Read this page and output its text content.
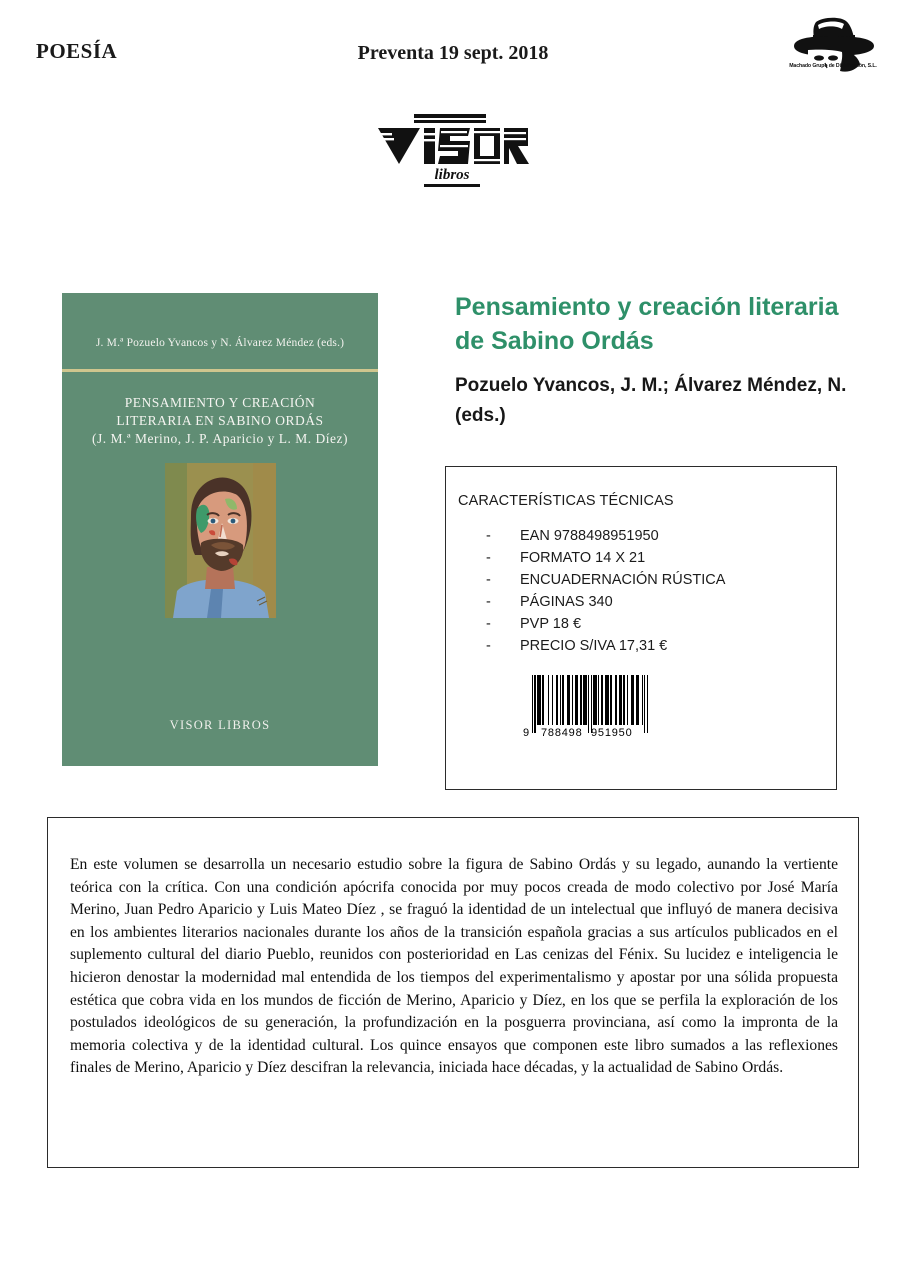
POESÍA	Preventa 19 sept. 2018
Machado Grupo de Distribución, S.L.
libros
J. M.ª Pozuelo Yvancos y N. Álvarez Méndez (eds.)
PENSAMIENTO Y CREACIÓN
LITERARIA EN SABINO ORDÁS
(J. M.ª Merino, J. P. Aparicio y L. M. Díez)
VISOR LIBROS
Pensamiento y creación literaria de Sabino Ordás
Pozuelo Yvancos, J. M.; Álvarez Méndez, N. (eds.)
CARACTERÍSTICAS TÉCNICAS
- EAN 9788498951950
- FORMATO 14 X 21
- ENCUADERNACIÓN RÚSTICA
- PÁGINAS 340
- PVP 18 €
- PRECIO S/IVA 17,31 €
9 788498 951950
En este volumen se desarrolla un necesario estudio sobre la figura de Sabino Ordás y su legado, aunando la vertiente teórica con la crítica. Con una condición apócrifa conocida por muy pocos creada de modo colectivo por José María Merino, Juan Pedro Aparicio y Luis Mateo Díez , se fraguó la identidad de un intelectual que influyó de manera decisiva en los ambientes literarios nacionales durante los años de la transición española gracias a sus artículos publicados en el suplemento cultural del diario Pueblo, reunidos con posterioridad en Las cenizas del Fénix. Su lucidez e inteligencia le hicieron denostar la modernidad mal entendida de los tiempos del experimentalismo y apostar por una sólida propuesta estética que cobra vida en los mundos de ficción de Merino, Aparicio y Díez, en los que se perfila la exploración de los postulados ideológicos de su generación, la profundización en la posguerra provinciana, así como la impronta de la memoria colectiva y de la identidad cultural. Los quince ensayos que componen este libro sumados a las reflexiones finales de Merino, Aparicio y Díez descifran la relevancia, iniciada hace décadas, y la actualidad de Sabino Ordás.
